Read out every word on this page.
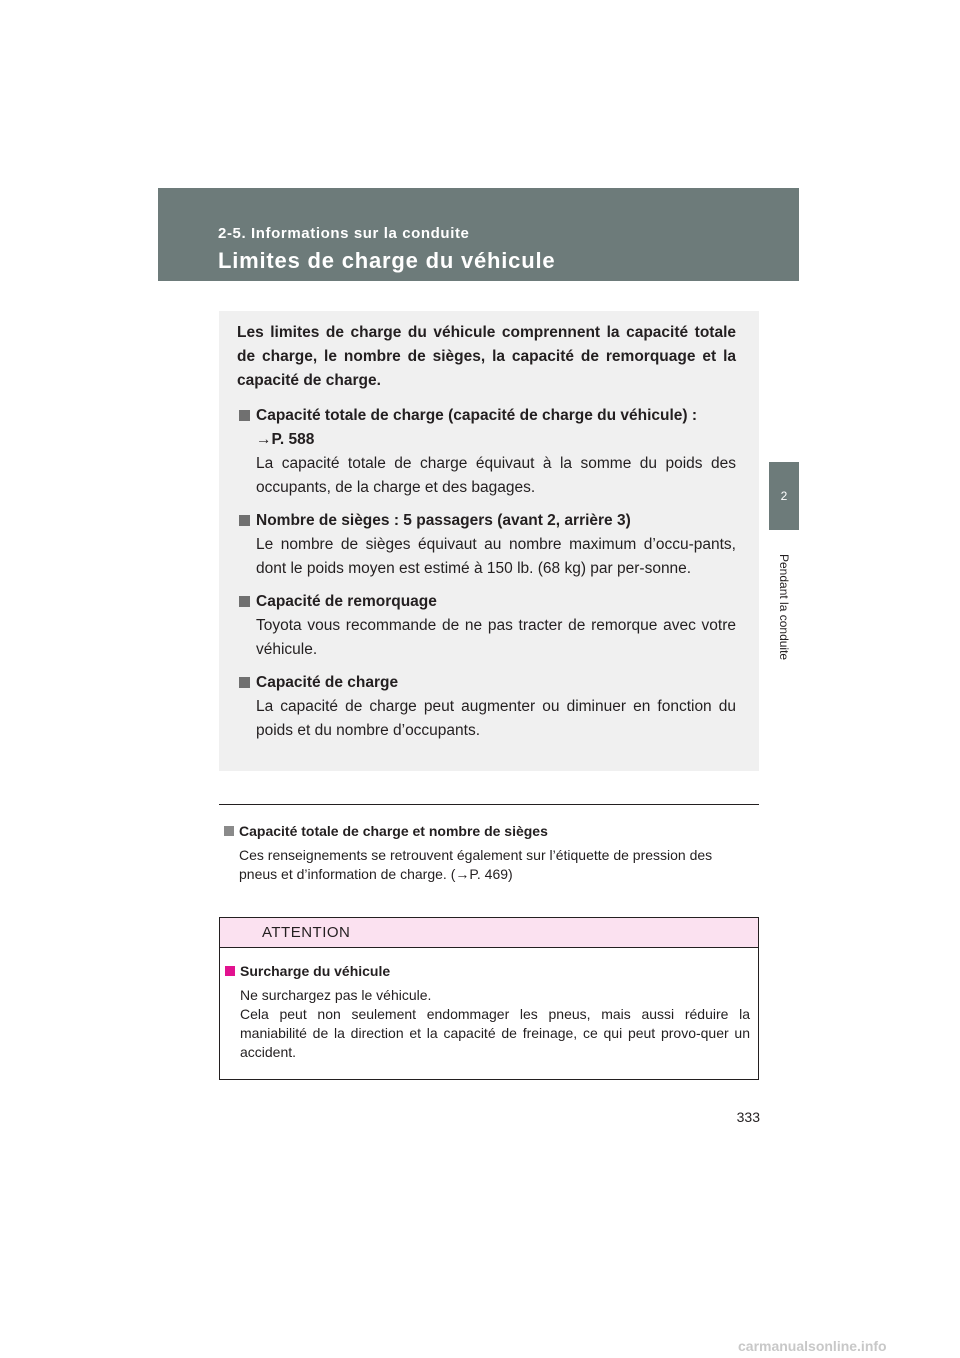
2-5. Informations sur la conduite
Limites de charge du véhicule
2
Pendant la conduite

Les limites de charge du véhicule comprennent la capacité totale de charge, le nombre de sièges, la capacité de remorquage et la capacité de charge.

Capacité totale de charge (capacité de charge du véhicule) :
→P. 588
La capacité totale de charge équivaut à la somme du poids des occupants, de la charge et des bagages.
Nombre de sièges : 5 passagers (avant 2, arrière 3)
Le nombre de sièges équivaut au nombre maximum d’occu-pants, dont le poids moyen est estimé à 150 lb. (68 kg) par per-sonne.
Capacité de remorquage
Toyota vous recommande de ne pas tracter de remorque avec votre véhicule.
Capacité de charge
La capacité de charge peut augmenter ou diminuer en fonction du poids et du nombre d’occupants.
Capacité totale de charge et nombre de sièges
Ces renseignements se retrouvent également sur l’étiquette de pression des pneus et d’information de charge. (→P. 469)
ATTENTION
Surcharge du véhicule
Ne surchargez pas le véhicule.
Cela peut non seulement endommager les pneus, mais aussi réduire la maniabilité de la direction et la capacité de freinage, ce qui peut provo-quer un accident.
333
carmanualsonline.info
